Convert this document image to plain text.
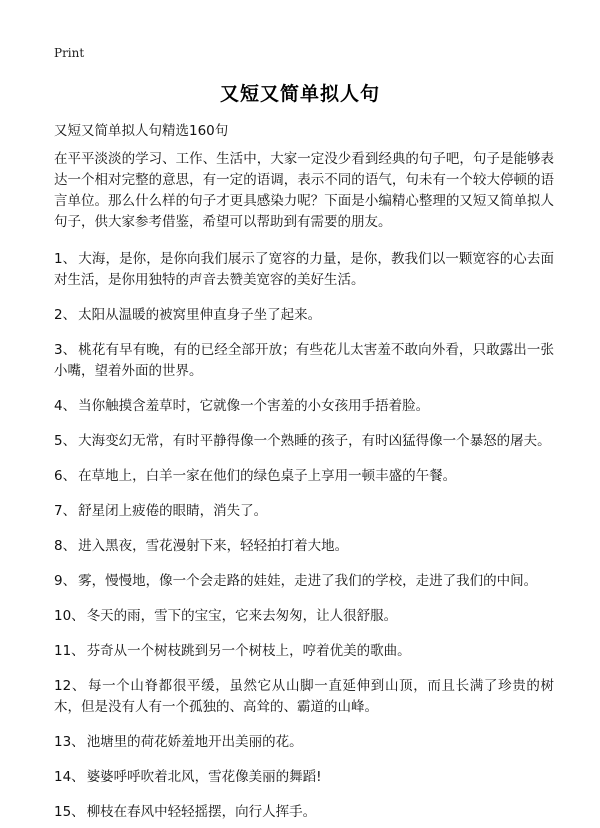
Print
又短又简单拟人句

又短又简单拟人句精选160句

在平平淡淡的学习、工作、生活中，大家一定没少看到经典的句子吧，句子是能够表达一个相对完整的意思，有一定的语调，表示不同的语气，句未有一个较大停顿的语言单位。那么什么样的句子才更具感染力呢？下面是小编精心整理的又短又简单拟人句子，供大家参考借鉴，希望可以帮助到有需要的朋友。

1、 大海，是你，是你向我们展示了宽容的力量，是你，教我们以一颗宽容的心去面对生活，是你用独特的声音去赞美宽容的美好生活。
2、 太阳从温暖的被窝里伸直身子坐了起来。
3、 桃花有早有晚，有的已经全部开放；有些花儿太害羞不敢向外看，只敢露出一张小嘴，望着外面的世界。
4、 当你触摸含羞草时，它就像一个害羞的小女孩用手捂着脸。
5、 大海变幻无常，有时平静得像一个熟睡的孩子，有时凶猛得像一个暴怒的屠夫。
6、 在草地上，白羊一家在他们的绿色桌子上享用一顿丰盛的午餐。
7、 舒星闭上疲倦的眼睛，消失了。
8、 进入黑夜，雪花漫射下来，轻轻拍打着大地。
9、 雾，慢慢地，像一个会走路的娃娃，走进了我们的学校，走进了我们的中间。
10、 冬天的雨，雪下的宝宝，它来去匆匆，让人很舒服。
11、 芬奇从一个树枝跳到另一个树枝上，哼着优美的歌曲。
12、 每一个山脊都很平缓，虽然它从山脚一直延伸到山顶，而且长满了珍贵的树木，但是没有人有一个孤独的、高耸的、霸道的山峰。
13、 池塘里的荷花娇羞地开出美丽的花。
14、 婆婆呼呼吹着北风，雪花像美丽的舞蹈!
15、 柳枝在春风中轻轻摇摆，向行人挥手。
